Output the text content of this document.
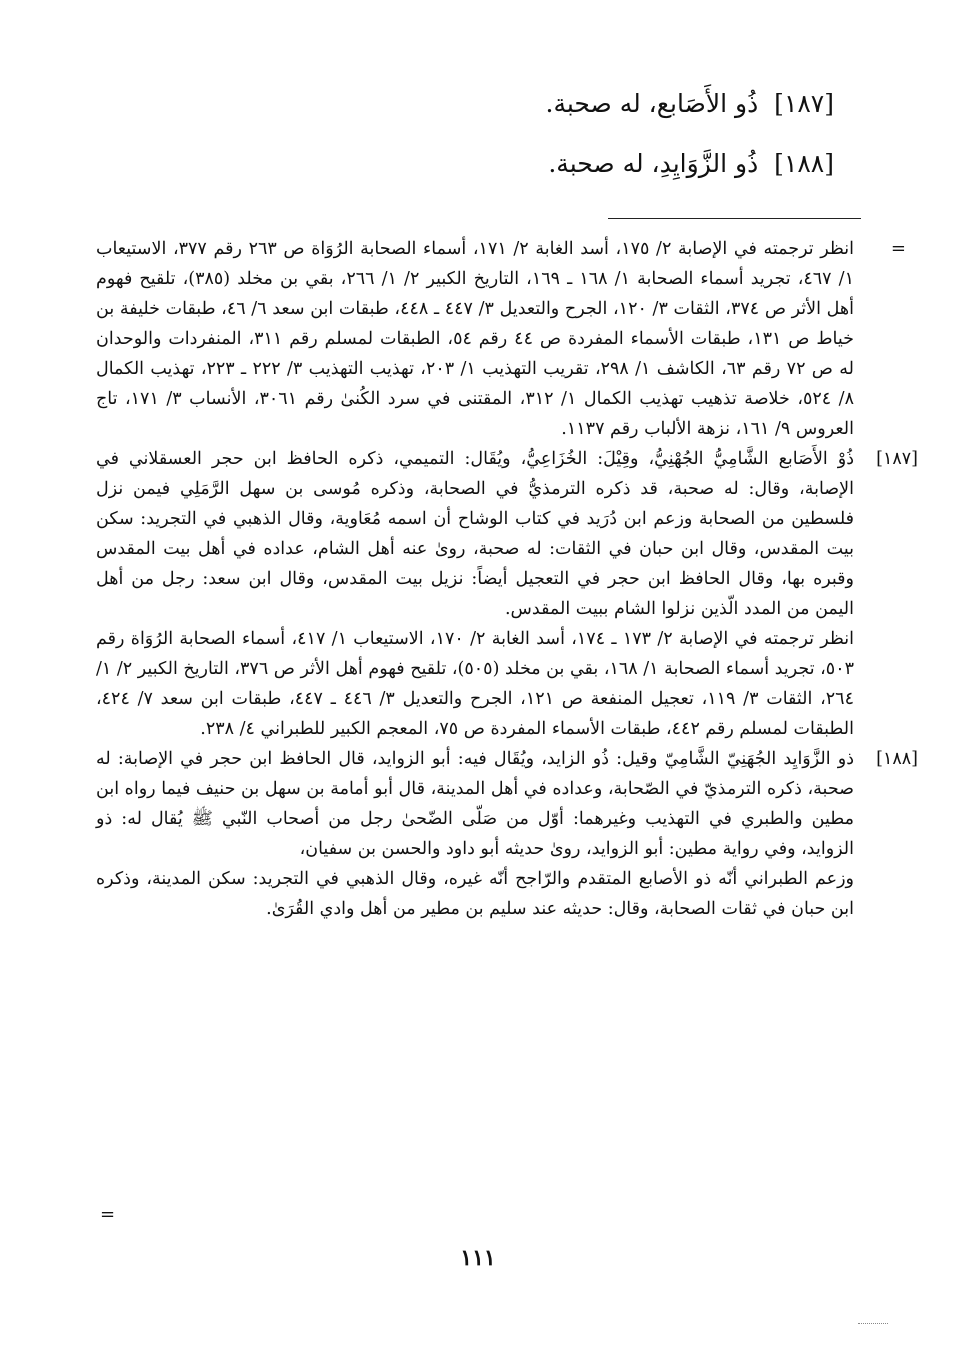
[١٨٧] ذُو الأَصَابع، له صحبة.
[١٨٨] ذُو الزَّوَايِدِ، له صحبة.
=
انظر ترجمته في الإصابة ٢/ ١٧٥، أسد الغابة ٢/ ١٧١، أسماء الصحابة الرُوَاة ص ٢٦٣ رقم ٣٧٧، الاستيعاب ١/ ٤٦٧، تجريد أسماء الصحابة ١/ ١٦٨ ـ ١٦٩، التاريخ الكبير ٢/ ١/ ٢٦٦، بقي بن مخلد (٣٨٥)، تلقيح فهوم أهل الأثر ص ٣٧٤، الثقات ٣/ ١٢٠، الجرح والتعديل ٣/ ٤٤٧ ـ ٤٤٨، طبقات ابن سعد ٦/ ٤٦، طبقات خليفة بن خياط ص ١٣١، طبقات الأسماء المفردة ص ٤٤ رقم ٥٤، الطبقات لمسلم رقم ٣١١، المنفردات والوحدان له ص ٧٢ رقم ٦٣، الكاشف ١/ ٢٩٨، تقريب التهذيب ١/ ٢٠٣، تهذيب التهذيب ٣/ ٢٢٢ ـ ٢٢٣، تهذيب الكمال ٨/ ٥٢٤، خلاصة تذهيب تهذيب الكمال ١/ ٣١٢، المقتنى في سرد الكُنىٰ رقم ٣٠٦١، الأنساب ٣/ ١٧١، تاج العروس ٩/ ١٦١، نزهة الألباب رقم ١١٣٧.
[١٨٧]
ذُوْ الأَصَابع الشَّامِيُّ الجُهْنِيُّ، وقِيْلَ: الخُزَاعِيُّ، ويُقَال: التميمي، ذكره الحافظ ابن حجر العسقلاني في الإصابة، وقال: له صحبة، قد ذكره الترمذيُّ في الصحابة، وذكره مُوسى بن سهل الرَّمَلِي فيمن نزل فلسطين من الصحابة وزعم ابن دُرَيد في كتاب الوشاح أن اسمه مُعَاوية، وقال الذهبي في التجريد: سكن بيت المقدس، وقال ابن حبان في الثقات: له صحبة، روىٰ عنه أهل الشام، عداده في أهل بيت المقدس وقبره بها، وقال الحافظ ابن حجر في التعجيل أيضاً: نزيل بيت المقدس، وقال ابن سعد: رجل من أهل اليمن من المدد الّذين نزلوا الشام ببيت المقدس.
انظر ترجمته في الإصابة ٢/ ١٧٣ ـ ١٧٤، أسد الغابة ٢/ ١٧٠، الاستيعاب ١/ ٤١٧، أسماء الصحابة الرُوَاة رقم ٥٠٣، تجريد أسماء الصحابة ١/ ١٦٨، بقي بن مخلد (٥٠٥)، تلقيح فهوم أهل الأثر ص ٣٧٦، التاريخ الكبير ٢/ ١/ ٢٦٤، الثقات ٣/ ١١٩، تعجيل المنفعة ص ١٢١، الجرح والتعديل ٣/ ٤٤٦ ـ ٤٤٧، طبقات ابن سعد ٧/ ٤٢٤، الطبقات لمسلم رقم ٤٤٢، طبقات الأسماء المفردة ص ٧٥، المعجم الكبير للطبراني ٤/ ٢٣٨.
[١٨٨]
ذو الزَّوَايِد الجُهَنِيّ الشَّامِيّ وقيل: ذُو الزايد، ويُقَال فيه: أبو الزوايد، قال الحافظ ابن حجر في الإصابة: له صحبة، ذكره الترمذيّ في الصّحابة، وعداده في أهل المدينة، قال أبو أمامة بن سهل بن حنيف فيما رواه ابن مطين والطبري في التهذيب وغيرهما: أوّل من صَلّى الضّحىٰ رجل من أصحاب النّبي ﷺ يُقال له: ذو الزوايد، وفي رواية مطين: أبو الزوايد، روىٰ حديثه أبو داود والحسن بن سفيان،
وزعم الطبراني أنّه ذو الأصابع المتقدم والرّاجح أنّه غيره، وقال الذهبي في التجريد: سكن المدينة، وذكره ابن حبان في ثقات الصحابة، وقال: حديثه عند سليم بن مطير من أهل وادي القُرَىٰ.
=
١١١
